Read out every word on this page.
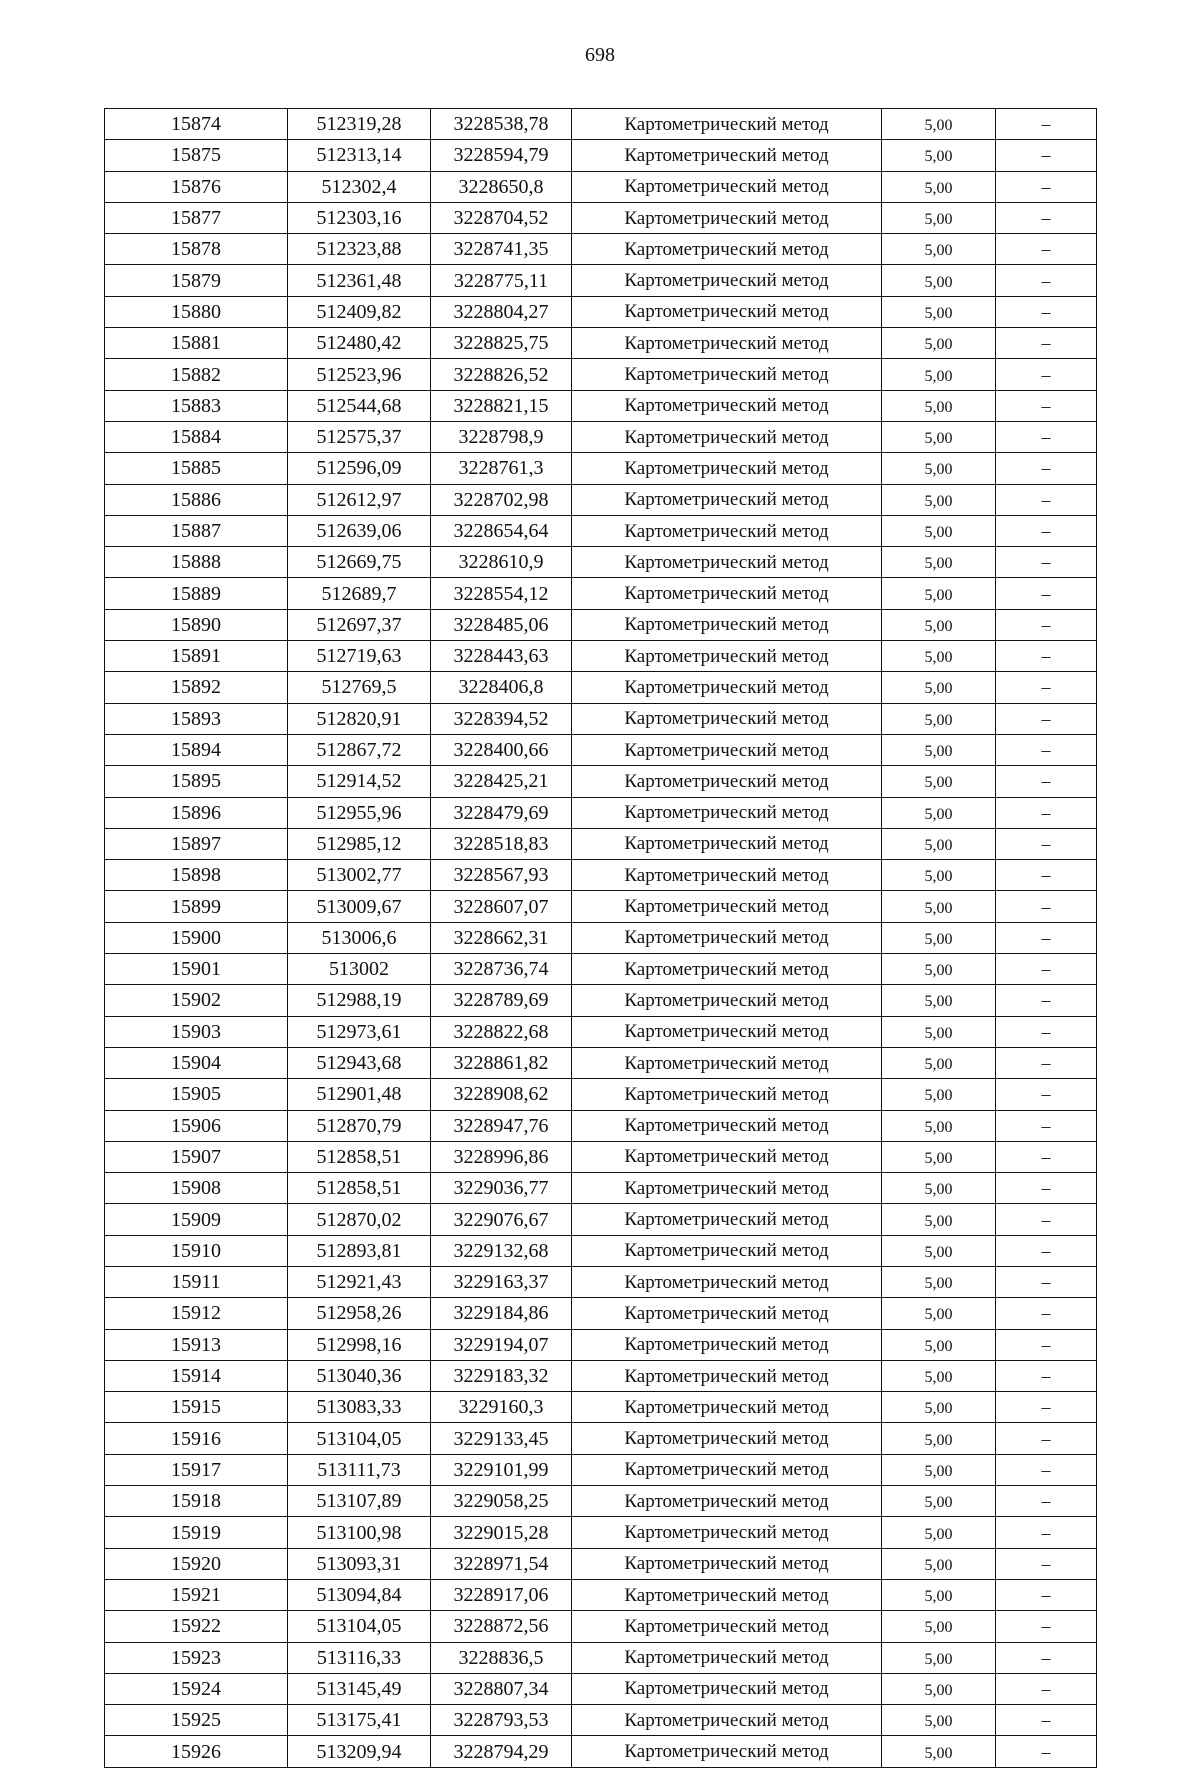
698
15874	512319,28	3228538,78	Картометрический метод	5,00	–
15875	512313,14	3228594,79	Картометрический метод	5,00	–
15876	512302,4	3228650,8	Картометрический метод	5,00	–
15877	512303,16	3228704,52	Картометрический метод	5,00	–
15878	512323,88	3228741,35	Картометрический метод	5,00	–
15879	512361,48	3228775,11	Картометрический метод	5,00	–
15880	512409,82	3228804,27	Картометрический метод	5,00	–
15881	512480,42	3228825,75	Картометрический метод	5,00	–
15882	512523,96	3228826,52	Картометрический метод	5,00	–
15883	512544,68	3228821,15	Картометрический метод	5,00	–
15884	512575,37	3228798,9	Картометрический метод	5,00	–
15885	512596,09	3228761,3	Картометрический метод	5,00	–
15886	512612,97	3228702,98	Картометрический метод	5,00	–
15887	512639,06	3228654,64	Картометрический метод	5,00	–
15888	512669,75	3228610,9	Картометрический метод	5,00	–
15889	512689,7	3228554,12	Картометрический метод	5,00	–
15890	512697,37	3228485,06	Картометрический метод	5,00	–
15891	512719,63	3228443,63	Картометрический метод	5,00	–
15892	512769,5	3228406,8	Картометрический метод	5,00	–
15893	512820,91	3228394,52	Картометрический метод	5,00	–
15894	512867,72	3228400,66	Картометрический метод	5,00	–
15895	512914,52	3228425,21	Картометрический метод	5,00	–
15896	512955,96	3228479,69	Картометрический метод	5,00	–
15897	512985,12	3228518,83	Картометрический метод	5,00	–
15898	513002,77	3228567,93	Картометрический метод	5,00	–
15899	513009,67	3228607,07	Картометрический метод	5,00	–
15900	513006,6	3228662,31	Картометрический метод	5,00	–
15901	513002	3228736,74	Картометрический метод	5,00	–
15902	512988,19	3228789,69	Картометрический метод	5,00	–
15903	512973,61	3228822,68	Картометрический метод	5,00	–
15904	512943,68	3228861,82	Картометрический метод	5,00	–
15905	512901,48	3228908,62	Картометрический метод	5,00	–
15906	512870,79	3228947,76	Картометрический метод	5,00	–
15907	512858,51	3228996,86	Картометрический метод	5,00	–
15908	512858,51	3229036,77	Картометрический метод	5,00	–
15909	512870,02	3229076,67	Картометрический метод	5,00	–
15910	512893,81	3229132,68	Картометрический метод	5,00	–
15911	512921,43	3229163,37	Картометрический метод	5,00	–
15912	512958,26	3229184,86	Картометрический метод	5,00	–
15913	512998,16	3229194,07	Картометрический метод	5,00	–
15914	513040,36	3229183,32	Картометрический метод	5,00	–
15915	513083,33	3229160,3	Картометрический метод	5,00	–
15916	513104,05	3229133,45	Картометрический метод	5,00	–
15917	513111,73	3229101,99	Картометрический метод	5,00	–
15918	513107,89	3229058,25	Картометрический метод	5,00	–
15919	513100,98	3229015,28	Картометрический метод	5,00	–
15920	513093,31	3228971,54	Картометрический метод	5,00	–
15921	513094,84	3228917,06	Картометрический метод	5,00	–
15922	513104,05	3228872,56	Картометрический метод	5,00	–
15923	513116,33	3228836,5	Картометрический метод	5,00	–
15924	513145,49	3228807,34	Картометрический метод	5,00	–
15925	513175,41	3228793,53	Картометрический метод	5,00	–
15926	513209,94	3228794,29	Картометрический метод	5,00	–
